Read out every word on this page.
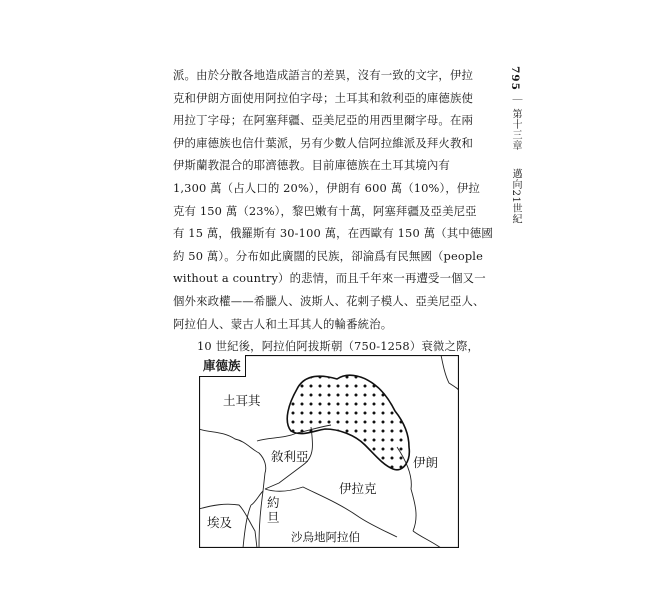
派。由於分散各地造成語言的差異，沒有一致的文字，伊拉
克和伊朗方面使用阿拉伯字母；土耳其和敘利亞的庫德族使
用拉丁字母；在阿塞拜疆、亞美尼亞的用西里爾字母。在兩
伊的庫德族也信什葉派，另有少數人信阿拉維派及拜火教和
伊斯蘭教混合的耶濟德教。目前庫德族在土耳其境內有
1,300 萬（占人口的 20%），伊朗有 600 萬（10%），伊拉
克有 150 萬（23%），黎巴嫩有十萬，阿塞拜疆及亞美尼亞
有 15 萬，俄羅斯有 30-100 萬，在西歐有 150 萬（其中德國
約 50 萬）。分布如此廣闊的民族，卻淪爲有民無國（people
without a country）的悲情，而且千年來一再遭受一個又一
個外來政權——希臘人、波斯人、花剌子模人、亞美尼亞人、
阿拉伯人、蒙古人和土耳其人的輪番統治。
10 世紀後，阿拉伯阿拔斯朝（750-1258）衰微之際，
795 ｜ 第十三章 　 邁向21世紀
庫德族
土耳其
敘利亞
伊拉克
伊朗
約旦
埃及
沙烏地阿拉伯
